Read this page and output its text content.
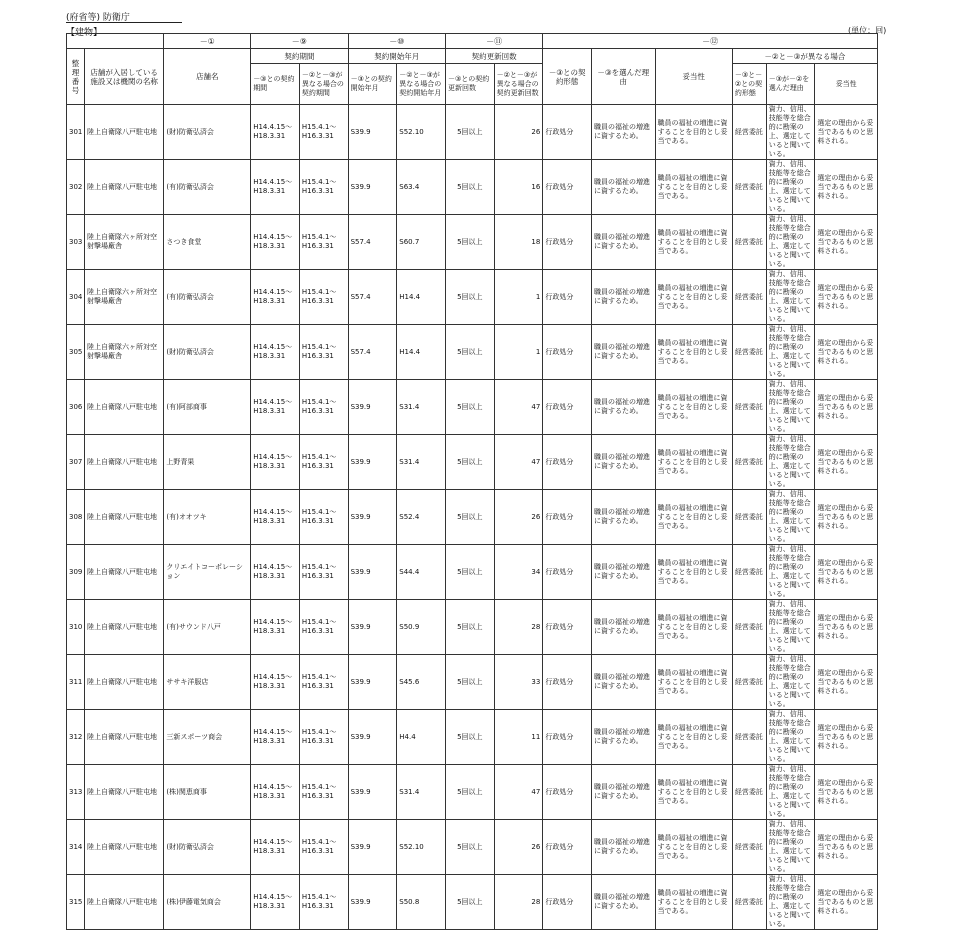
(府省等) 防衛庁
【建物】	(単位：回)
		－①	－⑨		－⑩		－⑪		－⑫					
整理番号	店舗が入居している施設又は機関の名称	店舗名	契約期間		契約開始年月		契約更新回数		－③との契約形態	－③を選んだ理由	妥当性	－②と－③が異なる場合		
			－③との契約期間	－②と－③が異なる場合の契約期間	－③との契約開始年月	－②と－③が異なる場合の契約開始年月	－③との契約更新回数	－②と－③が異なる場合の契約更新回数				－③と－②との契約形態	－③が－②を選んだ理由	妥当性
301	陸上自衛隊八戸駐屯地	(財)防衛弘済会	H14.4.15～H18.3.31	H15.4.1～H16.3.31	S39.9	S52.10	5回以上	26	行政処分	職員の福祉の増進に資するため。	職員の福祉の増進に資することを目的とし妥当である。	経営委託	資力、信用、技能等を総合的に勘案の上、選定していると聞いている。	選定の理由から妥当であるものと思料される。
302	陸上自衛隊八戸駐屯地	(有)防衛弘済会	H14.4.15～H18.3.31	H15.4.1～H16.3.31	S39.9	S63.4	5回以上	16	行政処分	職員の福祉の増進に資するため。	職員の福祉の増進に資することを目的とし妥当である。	経営委託	資力、信用、技能等を総合的に勘案の上、選定していると聞いている。	選定の理由から妥当であるものと思料される。
303	陸上自衛隊六ヶ所対空射撃場廠舎	さつき食堂	H14.4.15～H18.3.31	H15.4.1～H16.3.31	S57.4	S60.7	5回以上	18	行政処分	職員の福祉の増進に資するため。	職員の福祉の増進に資することを目的とし妥当である。	経営委託	資力、信用、技能等を総合的に勘案の上、選定していると聞いている。	選定の理由から妥当であるものと思料される。
304	陸上自衛隊六ヶ所対空射撃場廠舎	(有)防衛弘済会	H14.4.15～H18.3.31	H15.4.1～H16.3.31	S57.4	H14.4	5回以上	1	行政処分	職員の福祉の増進に資するため。	職員の福祉の増進に資することを目的とし妥当である。	経営委託	資力、信用、技能等を総合的に勘案の上、選定していると聞いている。	選定の理由から妥当であるものと思料される。
305	陸上自衛隊六ヶ所対空射撃場廠舎	(財)防衛弘済会	H14.4.15～H18.3.31	H15.4.1～H16.3.31	S57.4	H14.4	5回以上	1	行政処分	職員の福祉の増進に資するため。	職員の福祉の増進に資することを目的とし妥当である。	経営委託	資力、信用、技能等を総合的に勘案の上、選定していると聞いている。	選定の理由から妥当であるものと思料される。
306	陸上自衛隊八戸駐屯地	(有)阿部商事	H14.4.15～H18.3.31	H15.4.1～H16.3.31	S39.9	S31.4	5回以上	47	行政処分	職員の福祉の増進に資するため。	職員の福祉の増進に資することを目的とし妥当である。	経営委託	資力、信用、技能等を総合的に勘案の上、選定していると聞いている。	選定の理由から妥当であるものと思料される。
307	陸上自衛隊八戸駐屯地	上野青果	H14.4.15～H18.3.31	H15.4.1～H16.3.31	S39.9	S31.4	5回以上	47	行政処分	職員の福祉の増進に資するため。	職員の福祉の増進に資することを目的とし妥当である。	経営委託	資力、信用、技能等を総合的に勘案の上、選定していると聞いている。	選定の理由から妥当であるものと思料される。
308	陸上自衛隊八戸駐屯地	(有)オオツキ	H14.4.15～H18.3.31	H15.4.1～H16.3.31	S39.9	S52.4	5回以上	26	行政処分	職員の福祉の増進に資するため。	職員の福祉の増進に資することを目的とし妥当である。	経営委託	資力、信用、技能等を総合的に勘案の上、選定していると聞いている。	選定の理由から妥当であるものと思料される。
309	陸上自衛隊八戸駐屯地	クリエイトコーポレーション	H14.4.15～H18.3.31	H15.4.1～H16.3.31	S39.9	S44.4	5回以上	34	行政処分	職員の福祉の増進に資するため。	職員の福祉の増進に資することを目的とし妥当である。	経営委託	資力、信用、技能等を総合的に勘案の上、選定していると聞いている。	選定の理由から妥当であるものと思料される。
310	陸上自衛隊八戸駐屯地	(有)サウンド八戸	H14.4.15～H18.3.31	H15.4.1～H16.3.31	S39.9	S50.9	5回以上	28	行政処分	職員の福祉の増進に資するため。	職員の福祉の増進に資することを目的とし妥当である。	経営委託	資力、信用、技能等を総合的に勘案の上、選定していると聞いている。	選定の理由から妥当であるものと思料される。
311	陸上自衛隊八戸駐屯地	ササキ洋服店	H14.4.15～H18.3.31	H15.4.1～H16.3.31	S39.9	S45.6	5回以上	33	行政処分	職員の福祉の増進に資するため。	職員の福祉の増進に資することを目的とし妥当である。	経営委託	資力、信用、技能等を総合的に勘案の上、選定していると聞いている。	選定の理由から妥当であるものと思料される。
312	陸上自衛隊八戸駐屯地	三新スポーツ商会	H14.4.15～H18.3.31	H15.4.1～H16.3.31	S39.9	H4.4	5回以上	11	行政処分	職員の福祉の増進に資するため。	職員の福祉の増進に資することを目的とし妥当である。	経営委託	資力、信用、技能等を総合的に勘案の上、選定していると聞いている。	選定の理由から妥当であるものと思料される。
313	陸上自衛隊八戸駐屯地	(株)関恵商事	H14.4.15～H18.3.31	H15.4.1～H16.3.31	S39.9	S31.4	5回以上	47	行政処分	職員の福祉の増進に資するため。	職員の福祉の増進に資することを目的とし妥当である。	経営委託	資力、信用、技能等を総合的に勘案の上、選定していると聞いている。	選定の理由から妥当であるものと思料される。
314	陸上自衛隊八戸駐屯地	(財)防衛弘済会	H14.4.15～H18.3.31	H15.4.1～H16.3.31	S39.9	S52.10	5回以上	26	行政処分	職員の福祉の増進に資するため。	職員の福祉の増進に資することを目的とし妥当である。	経営委託	資力、信用、技能等を総合的に勘案の上、選定していると聞いている。	選定の理由から妥当であるものと思料される。
315	陸上自衛隊八戸駐屯地	(株)伊藤電気商会	H14.4.15～H18.3.31	H15.4.1～H16.3.31	S39.9	S50.8	5回以上	28	行政処分	職員の福祉の増進に資するため。	職員の福祉の増進に資することを目的とし妥当である。	経営委託	資力、信用、技能等を総合的に勘案の上、選定していると聞いている。	選定の理由から妥当であるものと思料される。
